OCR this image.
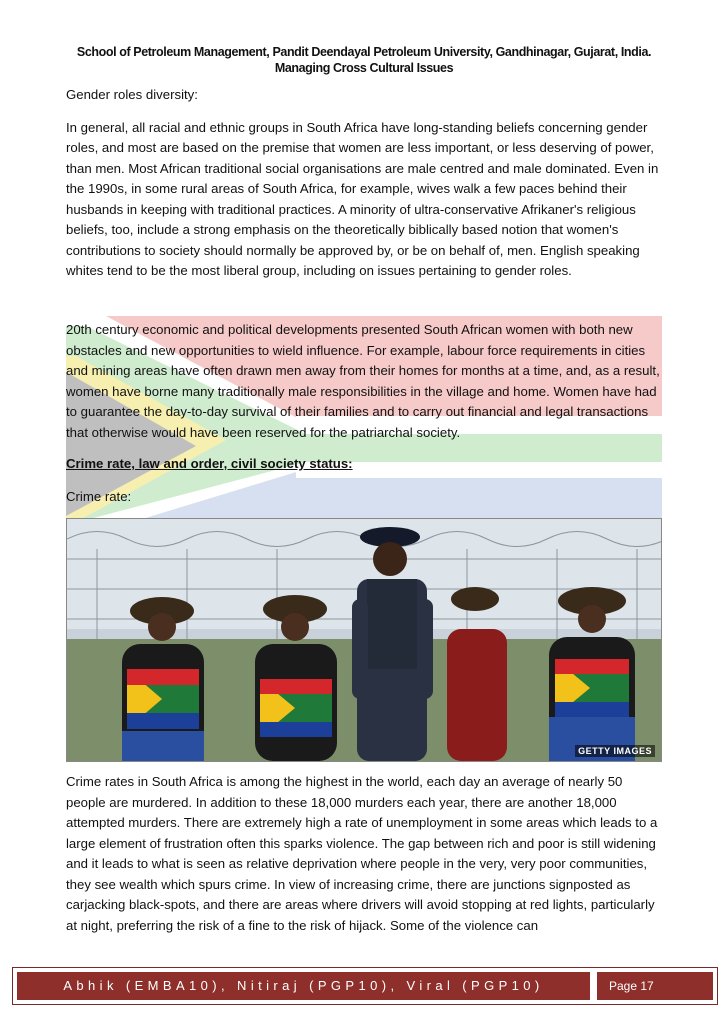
School of Petroleum Management, Pandit Deendayal Petroleum University, Gandhinagar, Gujarat, India.
Managing Cross Cultural Issues

Gender roles diversity:

In general, all racial and ethnic groups in South Africa have long-standing beliefs concerning gender roles, and most are based on the premise that women are less important, or less deserving of power, than men. Most African traditional social organisations are male centred and male dominated. Even in the 1990s, in some rural areas of South Africa, for example, wives walk a few paces behind their husbands in keeping with traditional practices. A minority of ultra-conservative Afrikaner's religious beliefs, too, include a strong emphasis on the theoretically biblically based notion that women's contributions to society should normally be approved by, or be on behalf of, men. English speaking whites tend to be the most liberal group, including on issues pertaining to gender roles.

20th century economic and political developments presented South African women with both new obstacles and new opportunities to wield influence. For example, labour force requirements in cities and mining areas have often drawn men away from their homes for months at a time, and, as a result, women have borne many traditionally male responsibilities in the village and home. Women have had to guarantee the day-to-day survival of their families and to carry out financial and legal transactions that otherwise would have been reserved for the patriarchal society.

Crime rate, law and order, civil society status:

Crime rate:

GETTY IMAGES

Crime rates in South Africa is among the highest in the world, each day an average of nearly 50 people are murdered. In addition to these 18,000 murders each year, there are another 18,000 attempted murders. There are extremely high a rate of unemployment in some areas which leads to a large element of frustration often this sparks violence. The gap between rich and poor is still widening and it leads to what is seen as relative deprivation where people in the very, very poor communities, they see wealth which spurs crime. In view of increasing crime, there are junctions signposted as carjacking black-spots, and there are areas where drivers will avoid stopping at red lights, particularly at night, preferring the risk of a fine to the risk of hijack. Some of the violence can

Abhik (EMBA10), Nitiraj (PGP10), Viral (PGP10)	Page 17
